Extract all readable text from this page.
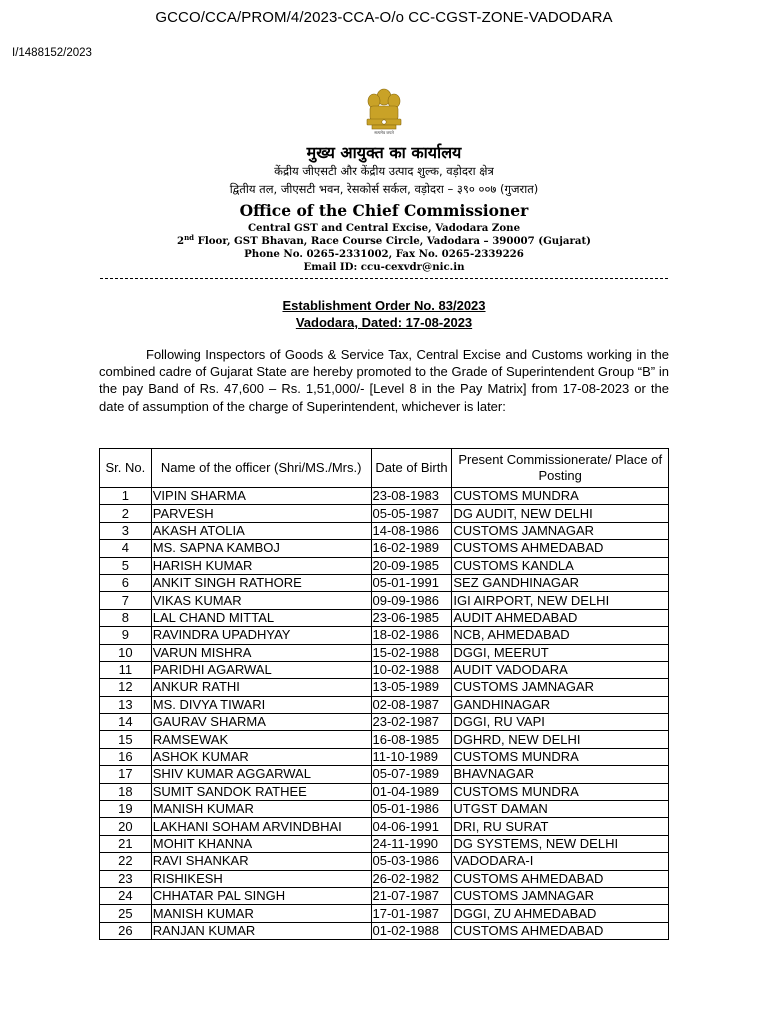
GCCO/CCA/PROM/4/2023-CCA-O/o CC-CGST-ZONE-VADODARA
I/1488152/2023
सत्यमेव जयते
मुख्य आयुक्त का कार्यालय
केंद्रीय जीएसटी और केंद्रीय उत्पाद शुल्क, वड़ोदरा क्षेत्र
द्वितीय तल, जीएसटी भवन, रेसकोर्स सर्कल, वड़ोदरा – ३९० ००७ (गुजरात)
Office of the Chief Commissioner
Central GST and Central Excise, Vadodara Zone
2nd Floor, GST Bhavan, Race Course Circle, Vadodara – 390007 (Gujarat)
Phone No. 0265-2331002, Fax No. 0265-2339226
Email ID: ccu-cexvdr@nic.in
Establishment Order No. 83/2023
Vadodara, Dated: 17-08-2023

Following Inspectors of Goods & Service Tax, Central Excise and Customs working in the combined cadre of Gujarat State are hereby promoted to the Grade of Superintendent Group “B” in the pay Band of Rs. 47,600 – Rs. 1,51,000/- [Level 8 in the Pay Matrix] from 17-08-2023 or the date of assumption of the charge of Superintendent, whichever is later:

Sr. No.	Name of the officer (Shri/MS./Mrs.)	Date of Birth	Present Commissionerate/ Place of Posting
1	VIPIN SHARMA	23-08-1983	CUSTOMS MUNDRA
2	PARVESH	05-05-1987	DG AUDIT, NEW DELHI
3	AKASH ATOLIA	14-08-1986	CUSTOMS JAMNAGAR
4	MS. SAPNA KAMBOJ	16-02-1989	CUSTOMS AHMEDABAD
5	HARISH KUMAR	20-09-1985	CUSTOMS KANDLA
6	ANKIT SINGH RATHORE	05-01-1991	SEZ GANDHINAGAR
7	VIKAS KUMAR	09-09-1986	IGI AIRPORT, NEW DELHI
8	LAL CHAND MITTAL	23-06-1985	AUDIT AHMEDABAD
9	RAVINDRA UPADHYAY	18-02-1986	NCB, AHMEDABAD
10	VARUN MISHRA	15-02-1988	DGGI, MEERUT
11	PARIDHI AGARWAL	10-02-1988	AUDIT VADODARA
12	ANKUR RATHI	13-05-1989	CUSTOMS JAMNAGAR
13	MS. DIVYA TIWARI	02-08-1987	GANDHINAGAR
14	GAURAV SHARMA	23-02-1987	DGGI, RU VAPI
15	RAMSEWAK	16-08-1985	DGHRD, NEW DELHI
16	ASHOK KUMAR	11-10-1989	CUSTOMS MUNDRA
17	SHIV KUMAR AGGARWAL	05-07-1989	BHAVNAGAR
18	SUMIT SANDOK RATHEE	01-04-1989	CUSTOMS MUNDRA
19	MANISH KUMAR	05-01-1986	UTGST DAMAN
20	LAKHANI SOHAM ARVINDBHAI	04-06-1991	DRI, RU SURAT
21	MOHIT KHANNA	24-11-1990	DG SYSTEMS, NEW DELHI
22	RAVI SHANKAR	05-03-1986	VADODARA-I
23	RISHIKESH	26-02-1982	CUSTOMS AHMEDABAD
24	CHHATAR PAL SINGH	21-07-1987	CUSTOMS JAMNAGAR
25	MANISH KUMAR	17-01-1987	DGGI, ZU AHMEDABAD
26	RANJAN KUMAR	01-02-1988	CUSTOMS AHMEDABAD
